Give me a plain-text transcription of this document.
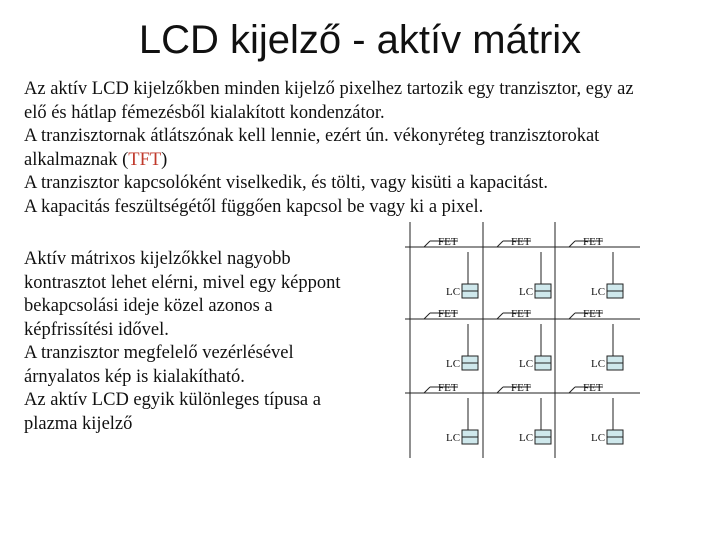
LCD kijelző - aktív mátrix
Az aktív LCD kijelzőkben minden kijelző pixelhez tartozik egy tranzisztor, egy az
elő és hátlap fémezésből kialakított kondenzátor.
A tranzisztornak átlátszónak kell lennie, ezért ún. vékonyréteg tranzisztorokat
alkalmaznak (TFT)
A tranzisztor kapcsolóként viselkedik, és tölti, vagy kisüti a kapacitást.
A kapacitás feszültségétől függően kapcsol be vagy ki a pixel.
Aktív mátrixos kijelzőkkel nagyobb
kontrasztot lehet elérni, mivel egy képpont
bekapcsolási ideje közel azonos a
képfrissítési idővel.
A tranzisztor megfelelő vezérlésével
árnyalatos kép is kialakítható.
Az aktív LCD egyik különleges típusa a
plazma kijelző
FET
LC
FET
LC
FET
LC
FET
LC
FET
LC
FET
LC
FET
LC
FET
LC
FET
LC
